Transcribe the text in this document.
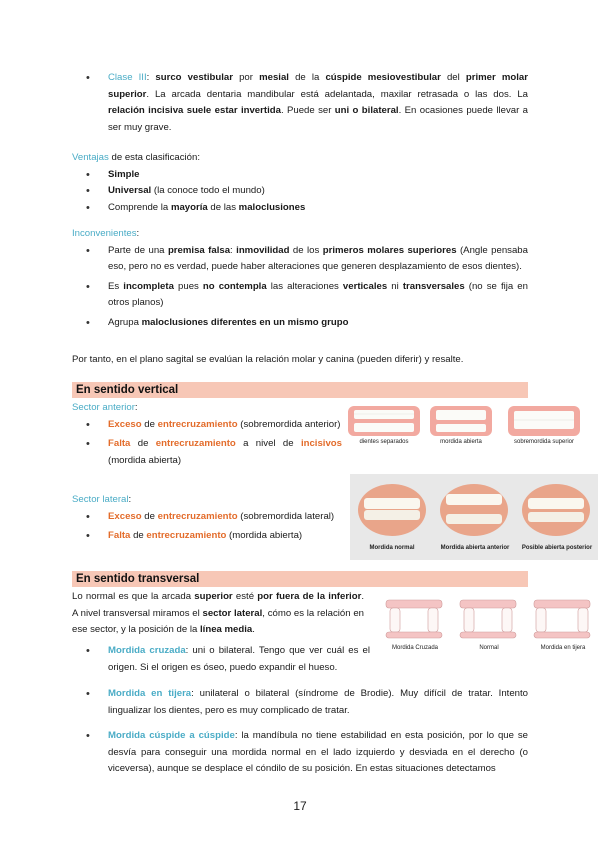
• Clase III: surco vestibular por mesial de la cúspide mesiovestibular del primer molar superior. La arcada dentaria mandibular está adelantada, maxilar retrasada o las dos. La relación incisiva suele estar invertida. Puede ser uni o bilateral. En ocasiones puede llevar a ser muy grave.
Ventajas de esta clasificación:
• Simple
• Universal (la conoce todo el mundo)
• Comprende la mayoría de las maloclusiones
Inconvenientes:
• Parte de una premisa falsa: inmovilidad de los primeros molares superiores (Angle pensaba eso, pero no es verdad, puede haber alteraciones que generen desplazamiento de esos dientes).
• Es incompleta pues no contempla las alteraciones verticales ni transversales (no se fija en otros planos)
• Agrupa maloclusiones diferentes en un mismo grupo
Por tanto, en el plano sagital se evalúan la relación molar y canina (pueden diferir) y resalte.
En sentido vertical
Sector anterior:
• Exceso de entrecruzamiento (sobremordida anterior)
• Falta de entrecruzamiento a nivel de incisivos (mordida abierta)
dientes separados	mordida abierta	sobremordida superior
Sector lateral:
• Exceso de entrecruzamiento (sobremordida lateral)
• Falta de entrecruzamiento (mordida abierta)
Mordida normal	Mordida abierta anterior	Posible abierta posterior
En sentido transversal
Lo normal es que la arcada superior esté por fuera de la inferior. A nivel transversal miramos el sector lateral, cómo es la relación en ese sector, y la posición de la línea media.
Mordida Cruzada	Normal	Mordida en tijera
• Mordida cruzada: uni o bilateral. Tengo que ver cuál es el origen. Si el origen es óseo, puedo expandir el hueso.
• Mordida en tijera: unilateral o bilateral (síndrome de Brodie). Muy difícil de tratar. Intento lingualizar los dientes, pero es muy complicado de tratar.
• Mordida cúspide a cúspide: la mandíbula no tiene estabilidad en esta posición, por lo que se desvía para conseguir una mordida normal en el lado izquierdo y desviada en el derecho (o viceversa), aunque se desplace el cóndilo de su posición. En estas situaciones detectamos
17
